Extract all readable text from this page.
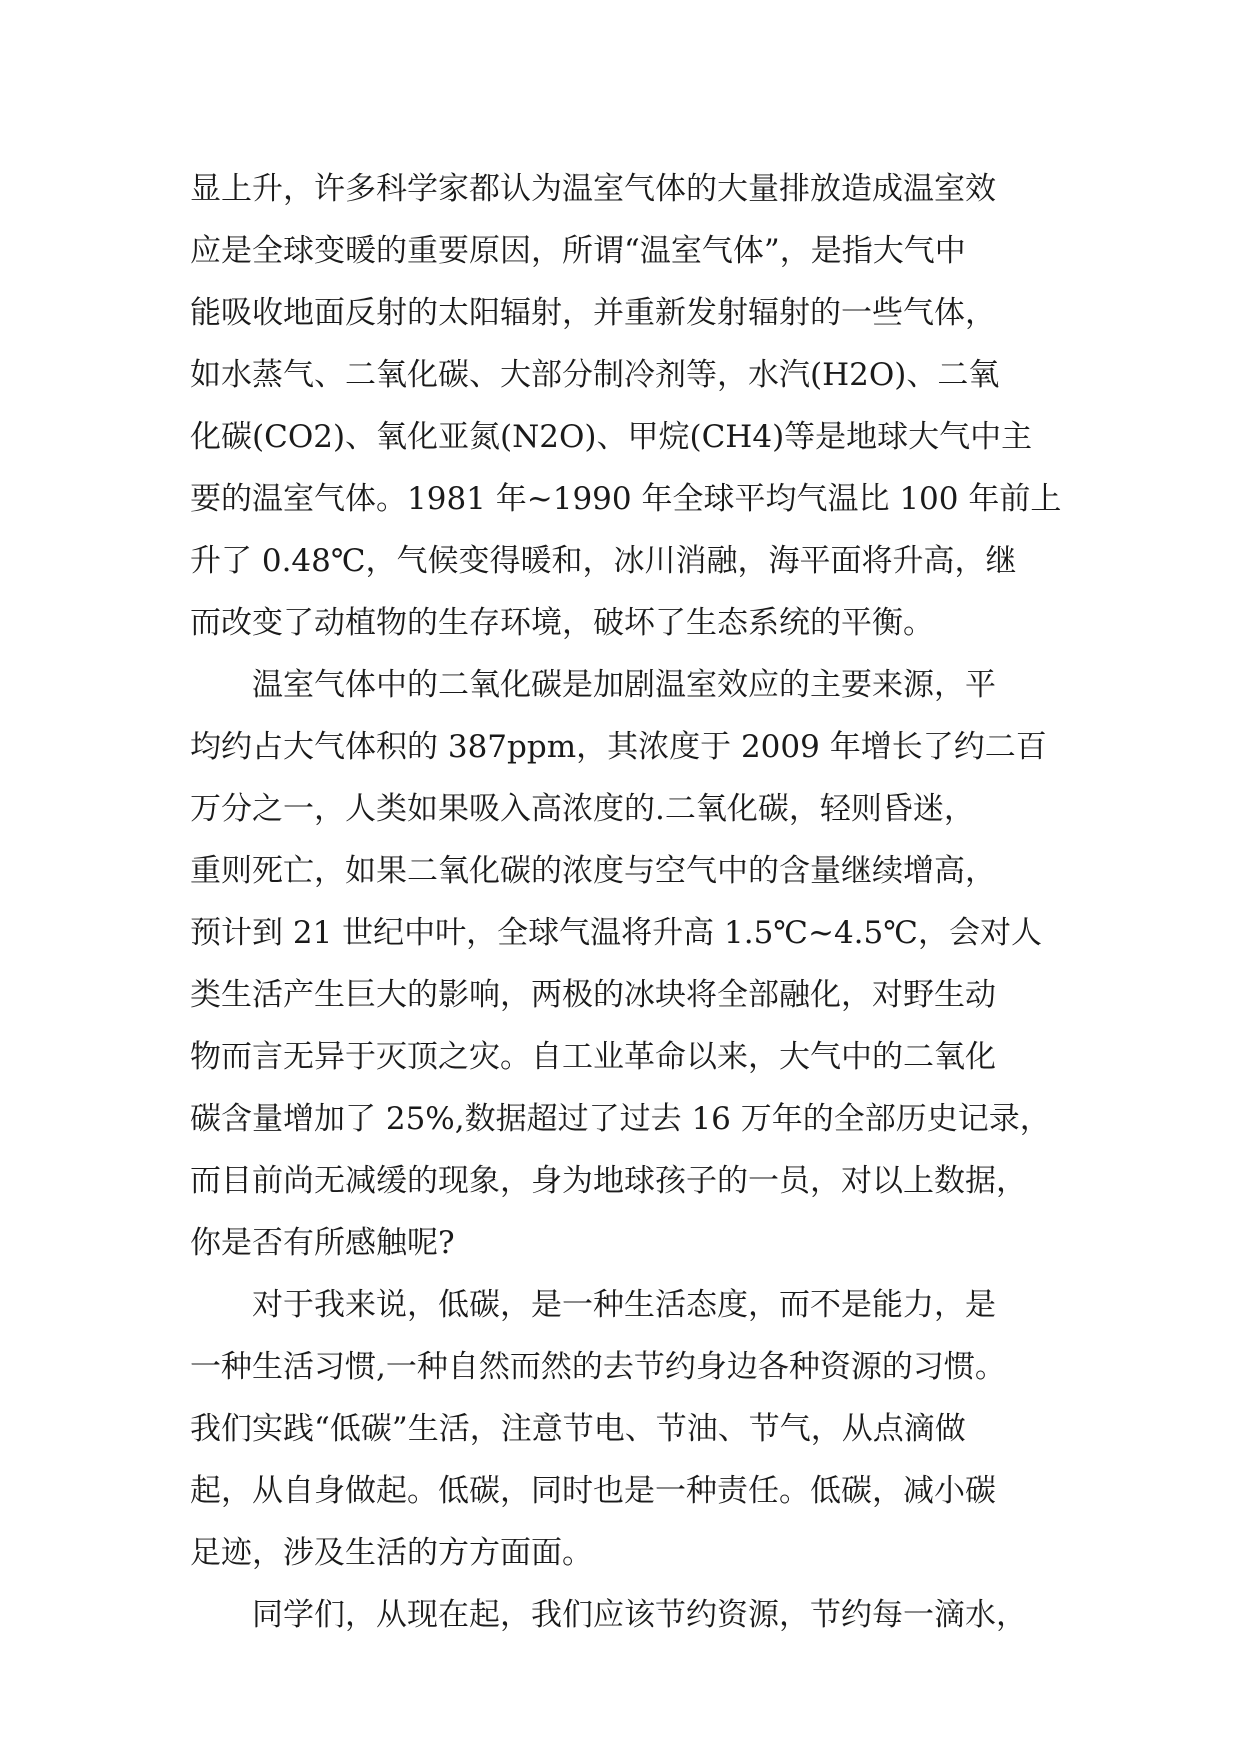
显上升，许多科学家都认为温室气体的大量排放造成温室效
应是全球变暖的重要原因，所谓“温室气体”，是指大气中
能吸收地面反射的太阳辐射，并重新发射辐射的一些气体，
如水蒸气、二氧化碳、大部分制冷剂等，水汽(H2O)、二氧
化碳(CO2)、氧化亚氮(N2O)、甲烷(CH4)等是地球大气中主
要的温室气体。1981 年~1990 年全球平均气温比 100 年前上
升了 0.48℃，气候变得暖和，冰川消融，海平面将升高，继
而改变了动植物的生存环境，破坏了生态系统的平衡。
　　温室气体中的二氧化碳是加剧温室效应的主要来源，平
均约占大气体积的 387ppm，其浓度于 2009 年增长了约二百
万分之一，人类如果吸入高浓度的.二氧化碳，轻则昏迷，
重则死亡，如果二氧化碳的浓度与空气中的含量继续增高，
预计到 21 世纪中叶，全球气温将升高 1.5℃~4.5℃，会对人
类生活产生巨大的影响，两极的冰块将全部融化，对野生动
物而言无异于灭顶之灾。自工业革命以来，大气中的二氧化
碳含量增加了 25%,数据超过了过去 16 万年的全部历史记录，
而目前尚无减缓的现象，身为地球孩子的一员，对以上数据，
你是否有所感触呢?
　　对于我来说，低碳，是一种生活态度，而不是能力，是
一种生活习惯,一种自然而然的去节约身边各种资源的习惯。
我们实践“低碳”生活，注意节电、节油、节气，从点滴做
起，从自身做起。低碳，同时也是一种责任。低碳，减小碳
足迹，涉及生活的方方面面。
　　同学们，从现在起，我们应该节约资源，节约每一滴水，
